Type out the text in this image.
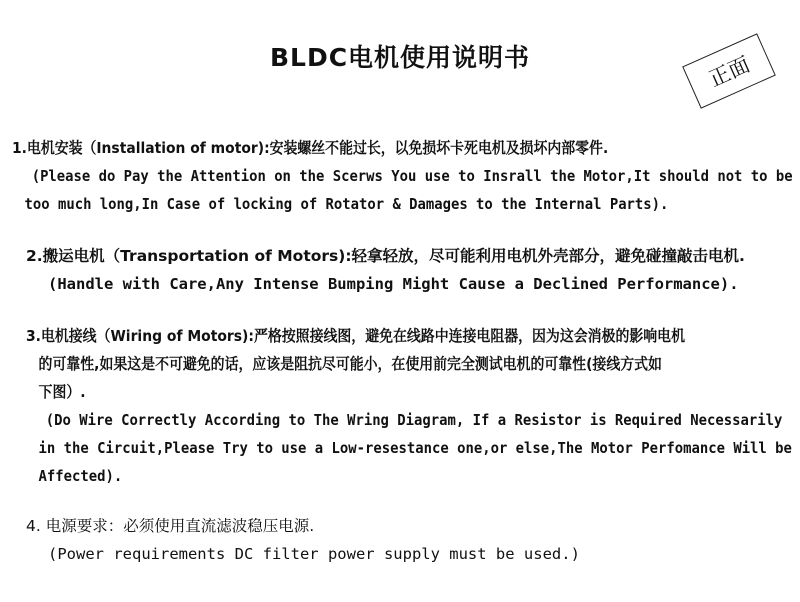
BLDC电机使用说明书	正面
1.电机安装（Installation of motor):安装螺丝不能过长，以免损坏卡死电机及损坏内部零件.
(Please do Pay the Attention on the Scerws You use to Insrall the Motor,It should not to be
too much long,In Case of locking of Rotator & Damages to the Internal Parts).
2.搬运电机（Transportation of Motors):轻拿轻放，尽可能利用电机外壳部分，避免碰撞敲击电机.
(Handle with Care,Any Intense Bumping Might Cause a Declined Performance).
3.电机接线（Wiring of Motors):严格按照接线图，避免在线路中连接电阻器，因为这会消极的影响电机
的可靠性,如果这是不可避免的话，应该是阻抗尽可能小，在使用前完全测试电机的可靠性(接线方式如
下图）.
(Do Wire Correctly According to The Wring Diagram, If a Resistor is Required Necessarily
in the Circuit,Please Try to use a Low-resestance one,or else,The Motor Perfomance Will be
Affected).
4. 电源要求：必须使用直流滤波稳压电源.
(Power requirements DC filter power supply must be used.)
